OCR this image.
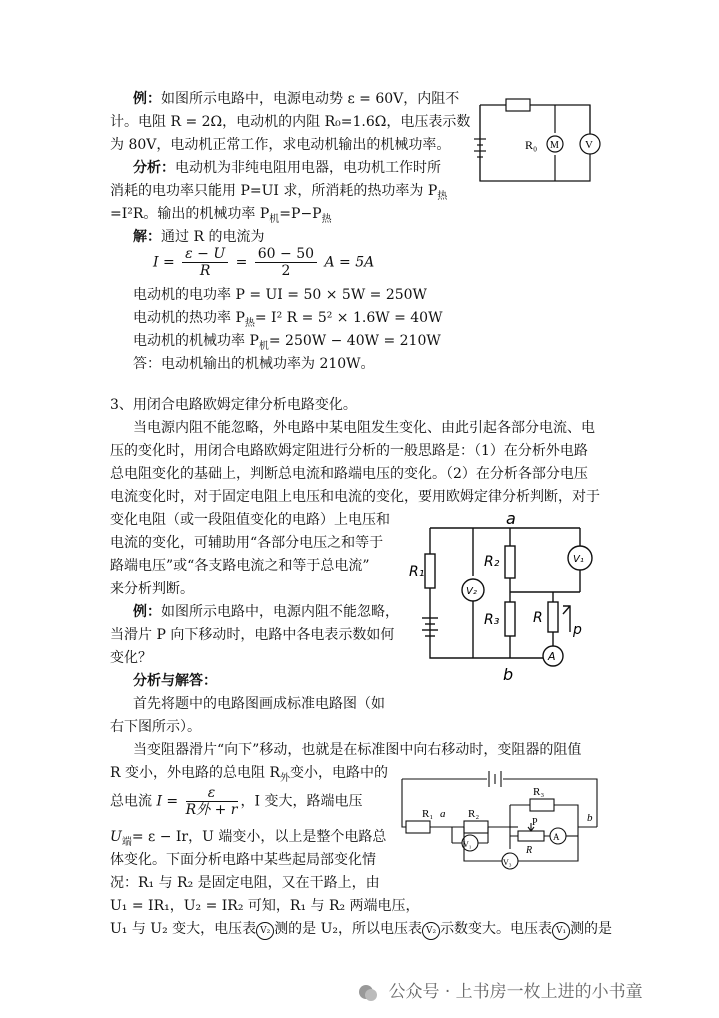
例：如图所示电路中，电源电动势 ε = 60V，内阻不
计。电阻 R = 2Ω，电动机的内阻 R₀=1.6Ω，电压表示数
为 80V，电动机正常工作，求电动机输出的机械功率。
分析：电动机为非纯电阻用电器，电功机工作时所
消耗的电功率只能用 P=UI 求，所消耗的热功率为 $P_热$
=I²R。输出的机械功率 $P_机=P-P_热$
解：通过 R 的电流为
$I = \frac{\varepsilon - U}{R} = \frac{60 - 50}{2}$ A = 5A
电动机的电功率 P = UI = 50 × 5W = 250W
电动机的热功率 $P_热= I^2$ R = 5² × 1.6W = 40W
电动机的机械功率 $P_机= 250W - 40W = 210W$
答：电动机输出的机械功率为 210W。
R₀ M V
3、用闭合电路欧姆定律分析电路变化。
当电源内阻不能忽略，外电路中某电阻发生变化、由此引起各部分电流、电
压的变化时，用闭合电路欧姆定阻进行分析的一般思路是：（1）在分析外电路
总电阻变化的基础上，判断总电流和路端电压的变化。（2）在分析各部分电压
电流变化时，对于固定电阻上电压和电流的变化，要用欧姆定律分析判断，对于
变化电阻（或一段阻值变化的电路）上电压和
电流的变化，可辅助用“各部分电压之和等于
路端电压”或“各支路电流之和等于总电流”
来分析判断。
例：如图所示电路中，电源内阻不能忽略，
当滑片 P 向下移动时，电路中各电表示数如何
变化？
分析与解答：
首先将题中的电路图画成标准电路图（如
右下图所示）。
当变阻器滑片“向下”移动，也就是在标准图中向右移动时，变阻器的阻值
R 变小，外电路的总电阻 $R_外$变小，电路中的
总电流 $I = \frac{\varepsilon}{\text{R外 + r}}$ ，I 变大，路端电压
$U_端= \varepsilon - Ir$，U 端变小，以上是整个电路总
体变化。下面分析电路中某些起局部变化情
况：R₁ 与 R₂ 是固定电阻，又在干路上，由
U₁ = IR₁，U₂ = IR₂ 可知，R₁ 与 R₂ 两端电压，
U₁ 与 U₂ 变大，电压表 V₂ 测的是 U₂，所以电压表 V₂ 示数变大。电压表 V₁ 测的是
a
b
R₁
R₂
R₃ R
p
V₂
V₁
A
R₁ a R₂
R₃
b
P
R
V₁
V₃
A
公众号 · 上书房一枚上进的小书童
